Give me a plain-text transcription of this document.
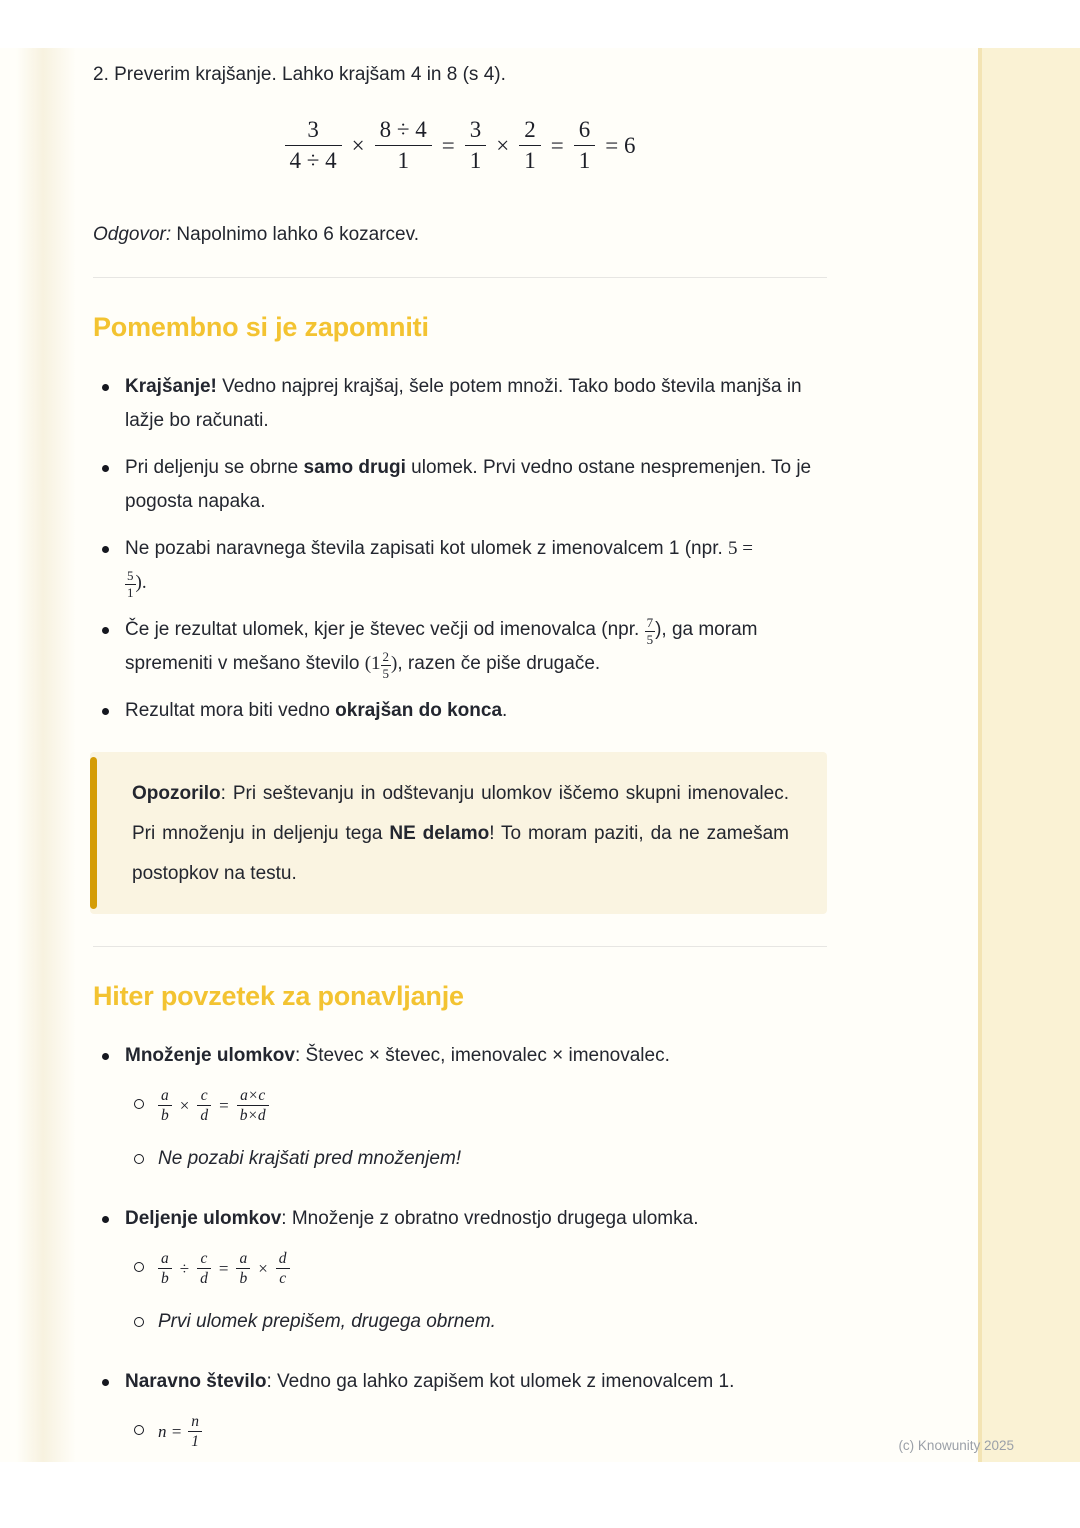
2. Preverim krajšanje. Lahko krajšam 4 in 8 (s 4).

$\frac{3}{4 \div 4} \times \frac{8 \div 4}{1} = \frac{3}{1} \times \frac{2}{1} = \frac{6}{1} = 6$

Odgovor: Napolnimo lahko 6 kozarcev.

Pomembno si je zapomniti
Krajšanje! Vedno najprej krajšaj, šele potem množi. Tako bodo števila manjša in lažje bo računati.
Pri deljenju se obrne samo drugi ulomek. Prvi vedno ostane nespremenjen. To je pogosta napaka.
Ne pozabi naravnega števila zapisati kot ulomek z imenovalcem 1 (npr. 5 =

$\frac{5}{1}$ ).
Če je rezultat ulomek, kjer je števec večji od imenovalca (npr. $\frac{7}{5}$ ), ga moram spremeniti v mešano število ($1 \frac{2}{5}$ ), razen če piše drugače.
Rezultat mora biti vedno okrajšan do konca.
Opozorilo: Pri seštevanju in odštevanju ulomkov iščemo skupni imenovalec. Pri množenju in deljenju tega NE delamo! To moram paziti, da ne zamešam postopkov na testu.
Hiter povzetek za ponavljanje
Množenje ulomkov: Števec × števec, imenovalec × imenovalec.
$\frac{a}{b} \times \frac{c}{d} = \frac{a\times c}{b\times d}$
Ne pozabi krajšati pred množenjem!
Deljenje ulomkov: Množenje z obratno vrednostjo drugega ulomka.
$\frac{a}{b} \div \frac{c}{d} = \frac{a}{b} \times \frac{d}{c}$
Prvi ulomek prepišem, drugega obrnem.
Naravno število: Vedno ga lahko zapišem kot ulomek z imenovalcem 1.
$n = \frac{n}{1}$	(c) Knowunity 2025
